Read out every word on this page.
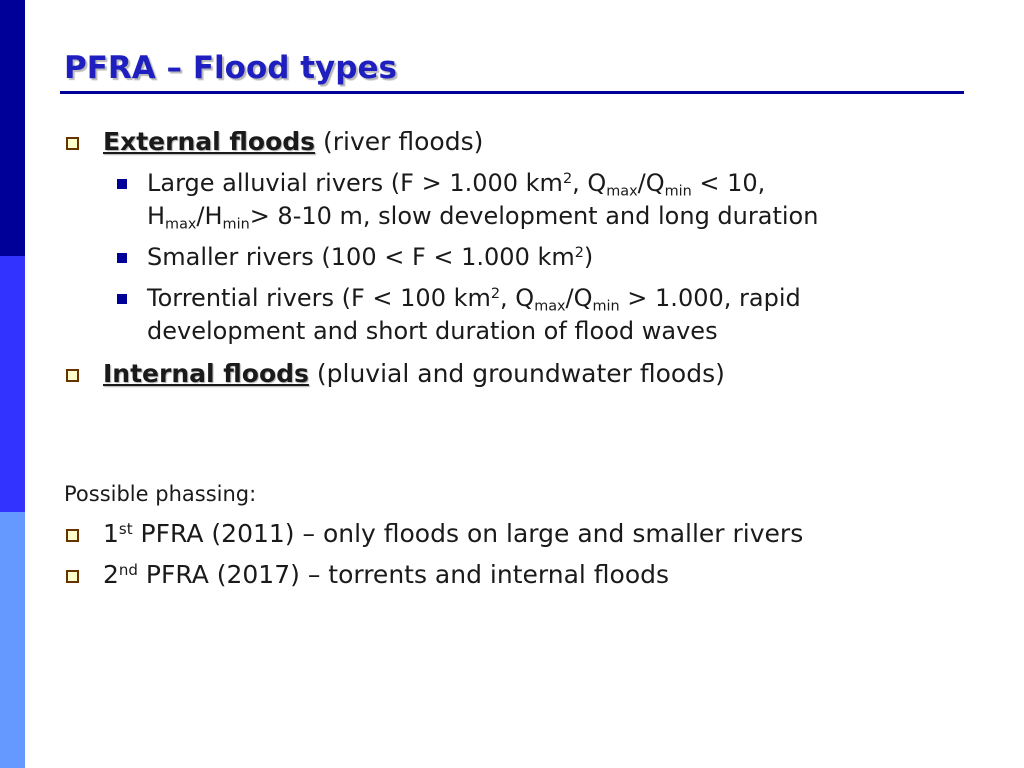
PFRA – Flood types
External floods (river floods)
Large alluvial rivers (F > 1.000 $km^2$, $Q_{max}/Q_{min} < 10$,
$H_{max}/H_{min}> 8-10$ m, slow development and long duration
Smaller rivers (100 < F < 1.000 $km^2$)
Torrential rivers (F < 100 $km^2$, $Q_{max}/Q_{min} > 1.000$, rapid
development and short duration of flood waves
Internal floods (pluvial and groundwater floods)
Possible phassing:
1st PFRA (2011) – only floods on large and smaller rivers
2nd PFRA (2017) – torrents and internal floods
